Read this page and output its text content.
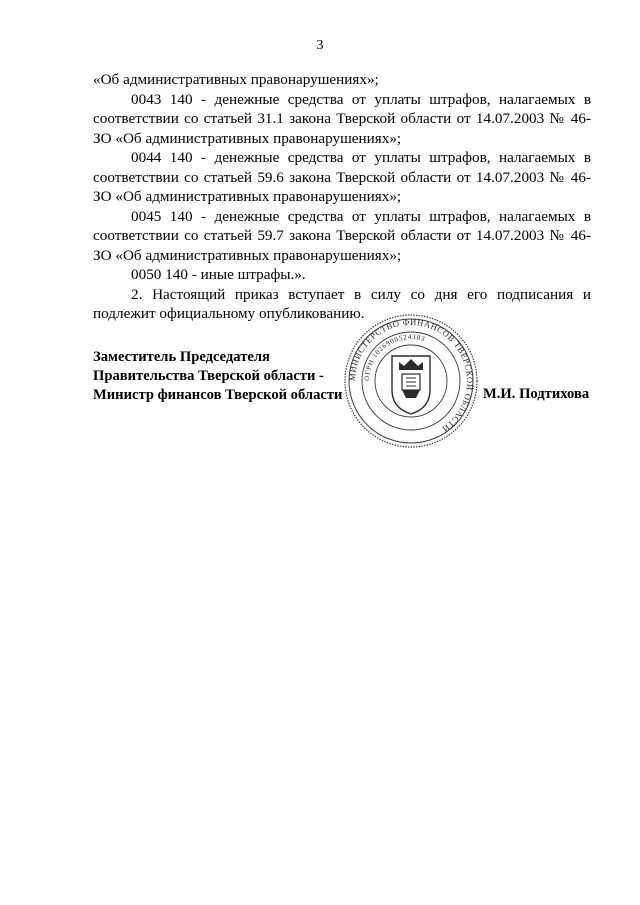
3

«Об административных правонарушениях»;

0043 140 - денежные средства от уплаты штрафов, налагаемых в соответствии со статьей 31.1 закона Тверской области от 14.07.2003 № 46-ЗО «Об административных правонарушениях»;

0044 140 - денежные средства от уплаты штрафов, налагаемых в соответствии со статьей 59.6 закона Тверской области от 14.07.2003 № 46-ЗО «Об административных правонарушениях»;

0045 140 - денежные средства от уплаты штрафов, налагаемых в соответствии со статьей 59.7 закона Тверской области от 14.07.2003 № 46-ЗО «Об административных правонарушениях»;

0050 140 - иные штрафы.».

2. Настоящий приказ вступает в силу со дня его подписания и подлежит официальному опубликованию.

Заместитель Председателя
Правительства Тверской области -
Министр финансов Тверской области
МИНИСТЕРСТВО ФИНАНСОВ ТВЕРСКОЙ ОБЛАСТИ
ОГРН 1026900524383
М.И. Подтихова
